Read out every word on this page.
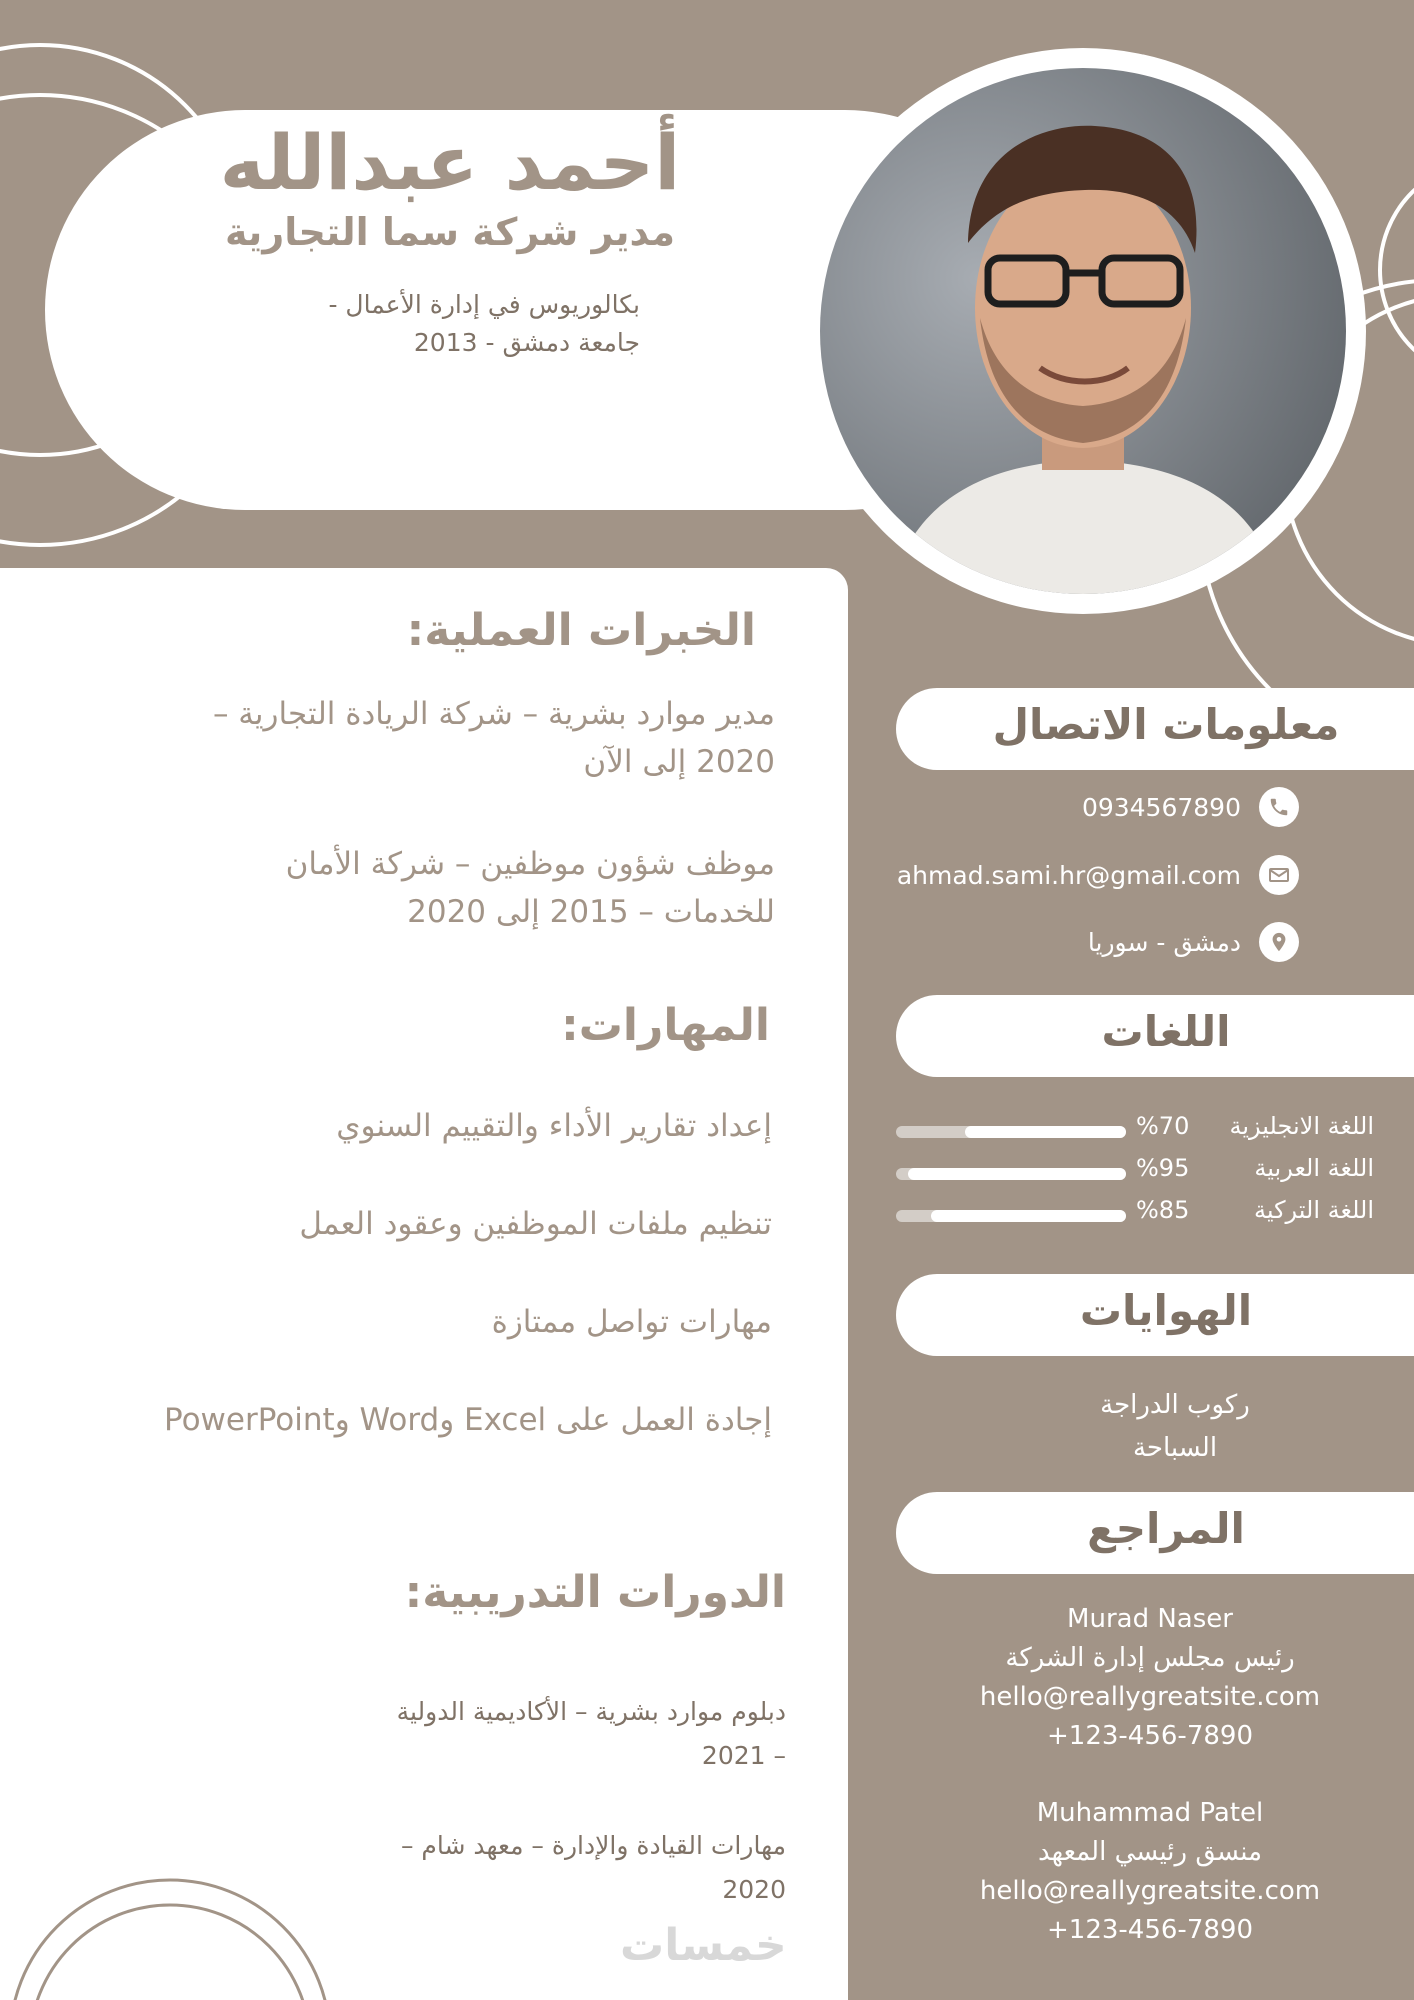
أحمد عبدالله
مدير شركة سما التجارية
بكالوريوس في إدارة الأعمال -
جامعة دمشق - 2013
الخبرات العملية:
مدير موارد بشرية – شركة الريادة التجارية – 2020 إلى الآن
موظف شؤون موظفين – شركة الأمان للخدمات – 2015 إلى 2020
المهارات:
إعداد تقارير الأداء والتقييم السنوي
تنظيم ملفات الموظفين وعقود العمل
مهارات تواصل ممتازة
إجادة العمل على Excel وWord وPowerPoint
الدورات التدريبية:
دبلوم موارد بشرية – الأكاديمية الدولية – 2021
مهارات القيادة والإدارة – معهد شام – 2020
خمسات
معلومات الاتصال
0934567890
ahmad.sami.hr@gmail.com
دمشق - سوريا
اللغات
اللغة الانجليزية
%70
اللغة العربية
%95
اللغة التركية
%85
الهوايات
ركوب الدراجة
السباحة
المراجع
Murad Naser
رئيس مجلس إدارة الشركة
hello@reallygreatsite.com
+123-456-7890
Muhammad Patel
منسق رئيسي المعهد
hello@reallygreatsite.com
+123-456-7890
